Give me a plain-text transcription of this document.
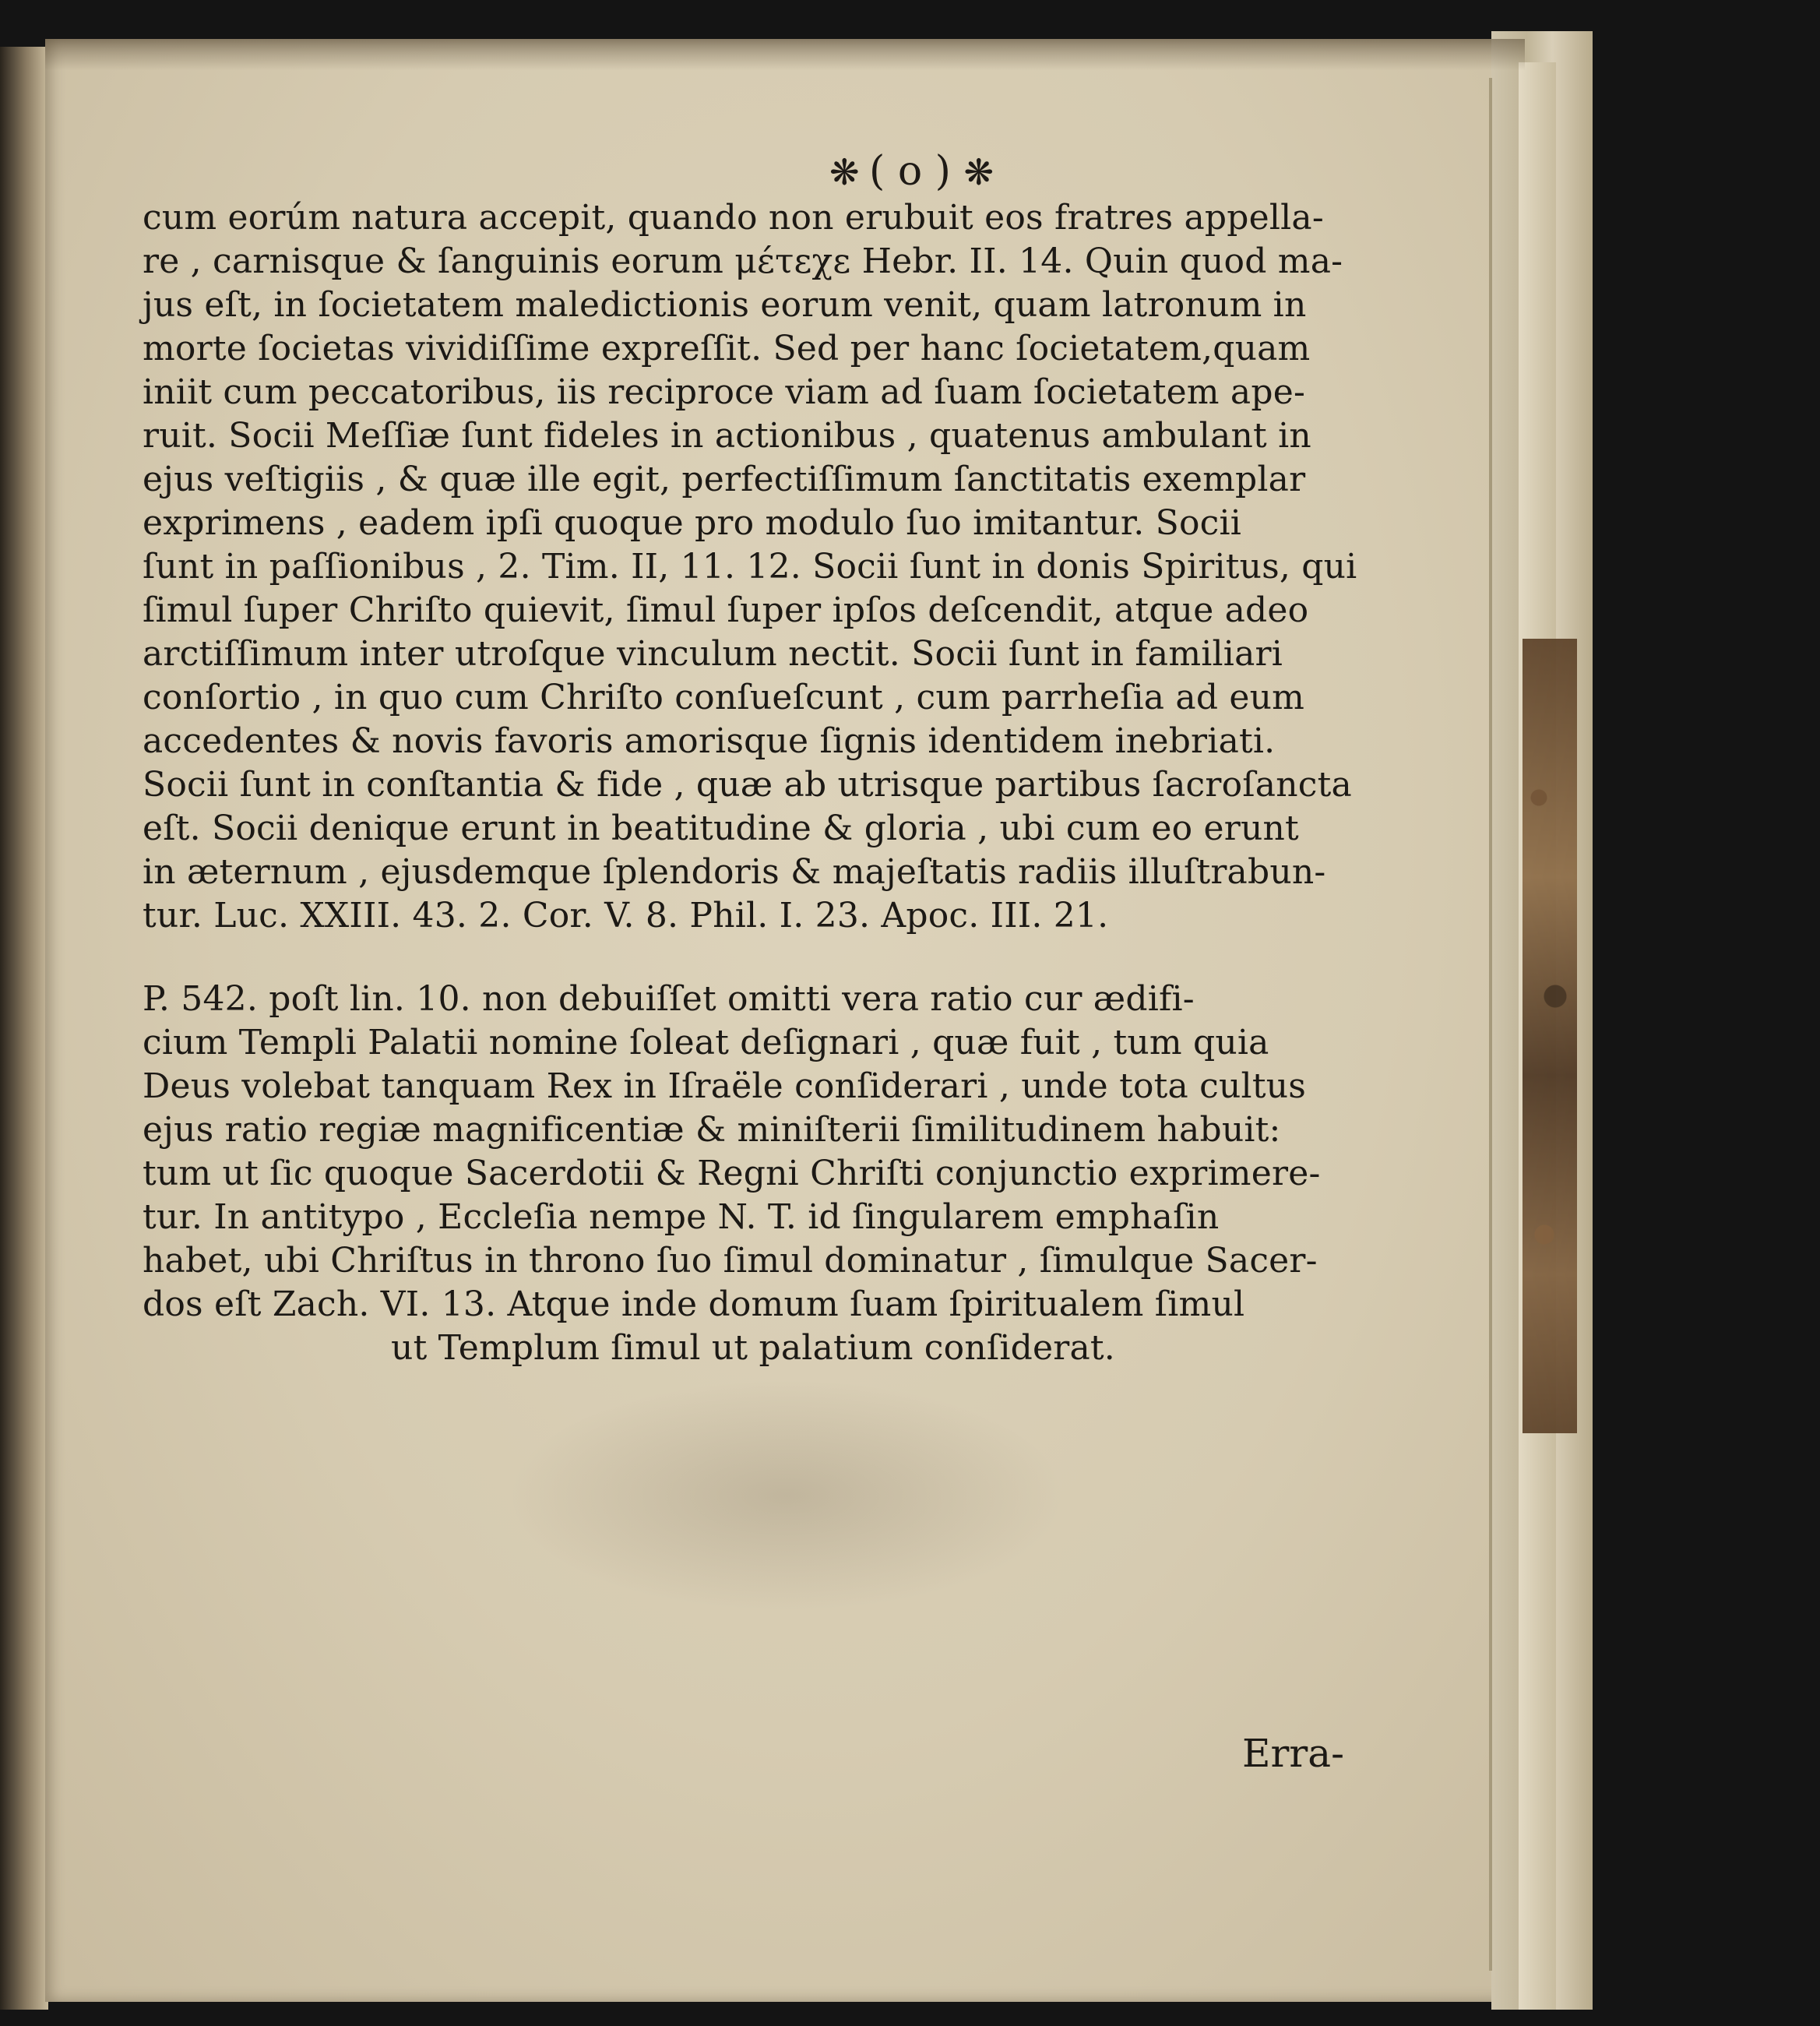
❋ ( o ) ❋
cum eorúm natura accepit, quando non erubuit eos fratres appella-
re , carnisque & ſanguinis eorum μέτεχε Hebr. II. 14. Quin quod ma-
jus eſt, in ſocietatem maledictionis eorum venit, quam latronum in
morte ſocietas vividiſſime expreſſit. Sed per hanc ſocietatem,quam
iniit cum peccatoribus, iis reciproce viam ad ſuam ſocietatem ape-
ruit. Socii Meſſiæ ſunt fideles in actionibus , quatenus ambulant in
ejus veſtigiis , & quæ ille egit, perfectiſſimum ſanctitatis exemplar
exprimens , eadem ipſi quoque pro modulo ſuo imitantur. Socii
ſunt in paſſionibus , 2. Tim. II, 11. 12. Socii ſunt in donis Spiritus, qui
ſimul ſuper Chriſto quievit, ſimul ſuper ipſos deſcendit, atque adeo
arctiſſimum inter utroſque vinculum nectit. Socii ſunt in familiari
conſortio , in quo cum Chriſto conſueſcunt , cum parrheſia ad eum
accedentes & novis favoris amorisque ſignis identidem inebriati.
Socii ſunt in conſtantia & fide , quæ ab utrisque partibus ſacroſancta
eſt. Socii denique erunt in beatitudine & gloria , ubi cum eo erunt
in æternum , ejusdemque ſplendoris & majeſtatis radiis illuſtrabun-
tur. Luc. XXIII. 43. 2. Cor. V. 8. Phil. I. 23. Apoc. III. 21.
P. 542. poſt lin. 10. non debuiſſet omitti vera ratio cur ædifi-
cium Templi Palatii nomine ſoleat deſignari , quæ fuit , tum quia
Deus volebat tanquam Rex in Iſraële conſiderari , unde tota cultus
ejus ratio regiæ magnificentiæ & miniſterii ſimilitudinem habuit:
tum ut ſic quoque Sacerdotii & Regni Chriſti conjunctio exprimere-
tur. In antitypo , Eccleſia nempe N. T. id ſingularem emphaſin
habet, ubi Chriſtus in throno ſuo ſimul dominatur , ſimulque Sacer-
dos eſt Zach. VI. 13. Atque inde domum ſuam ſpiritualem ſimul
ut Templum ſimul ut palatium conſiderat.
Erra-
